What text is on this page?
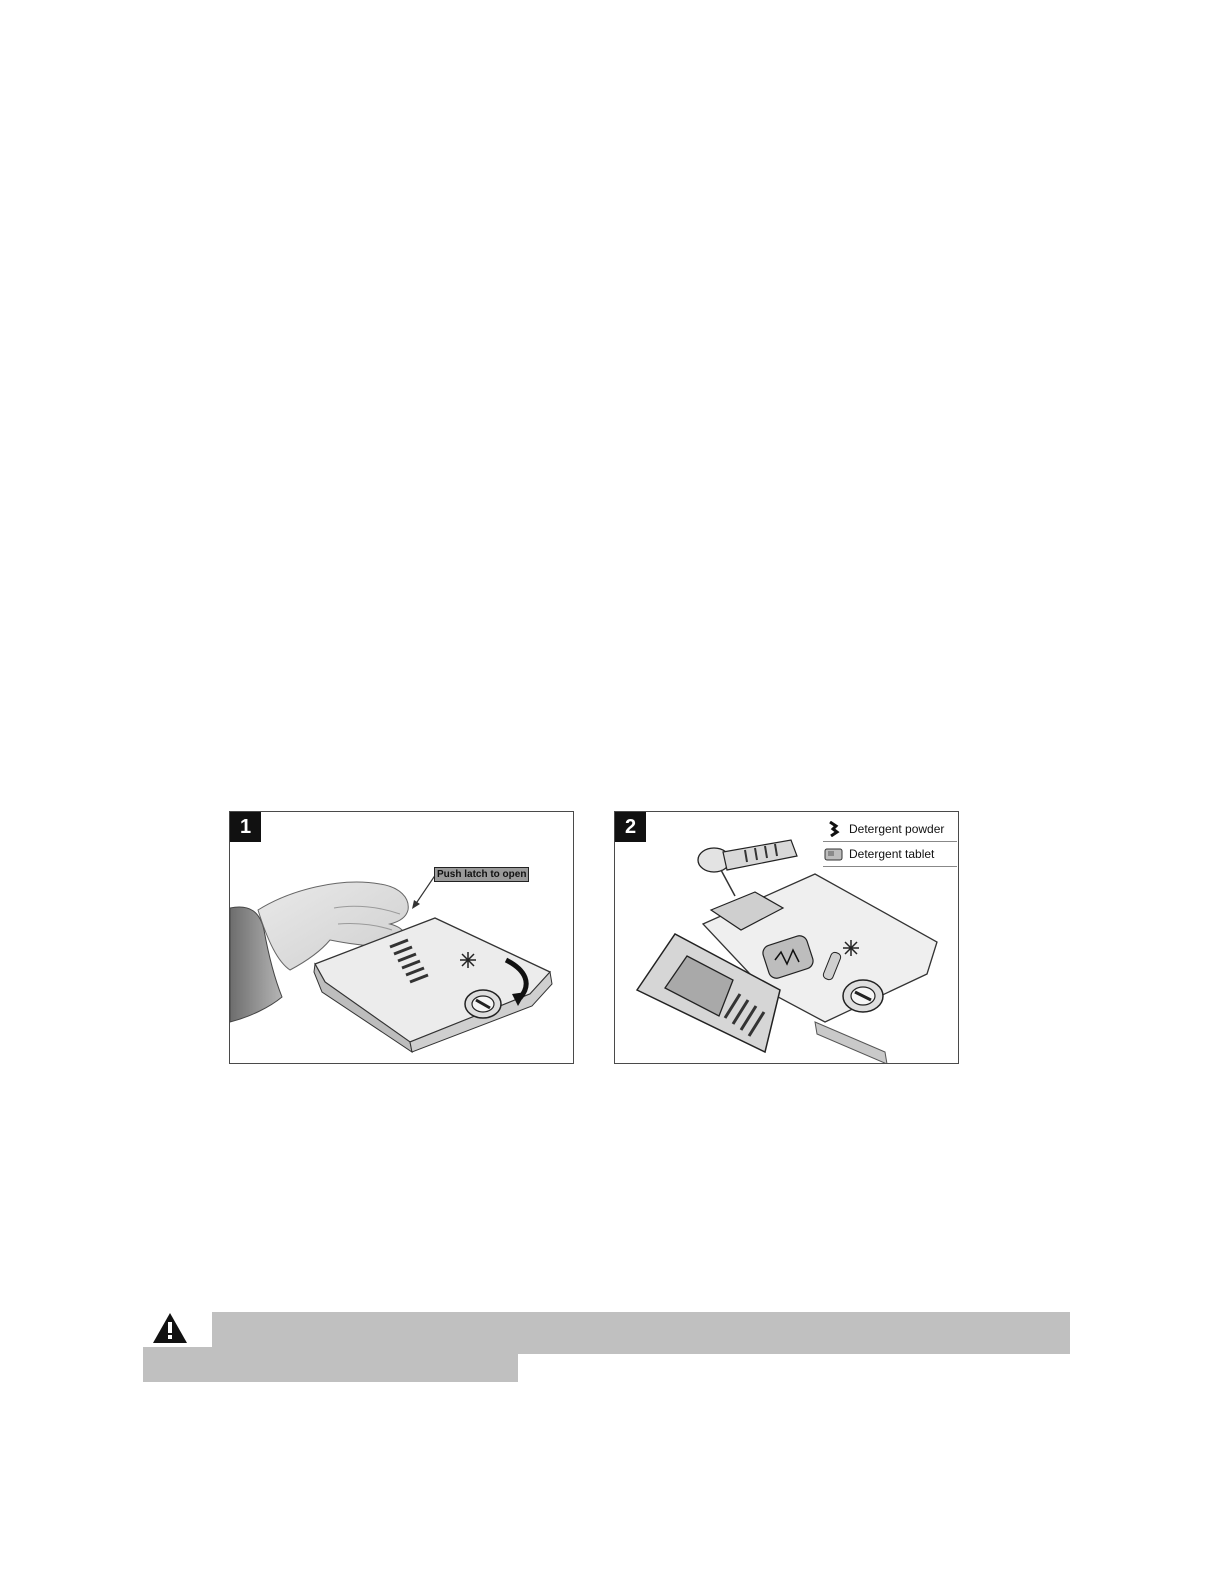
1
Push latch to open
2	Detergent powder
Detergent tablet
